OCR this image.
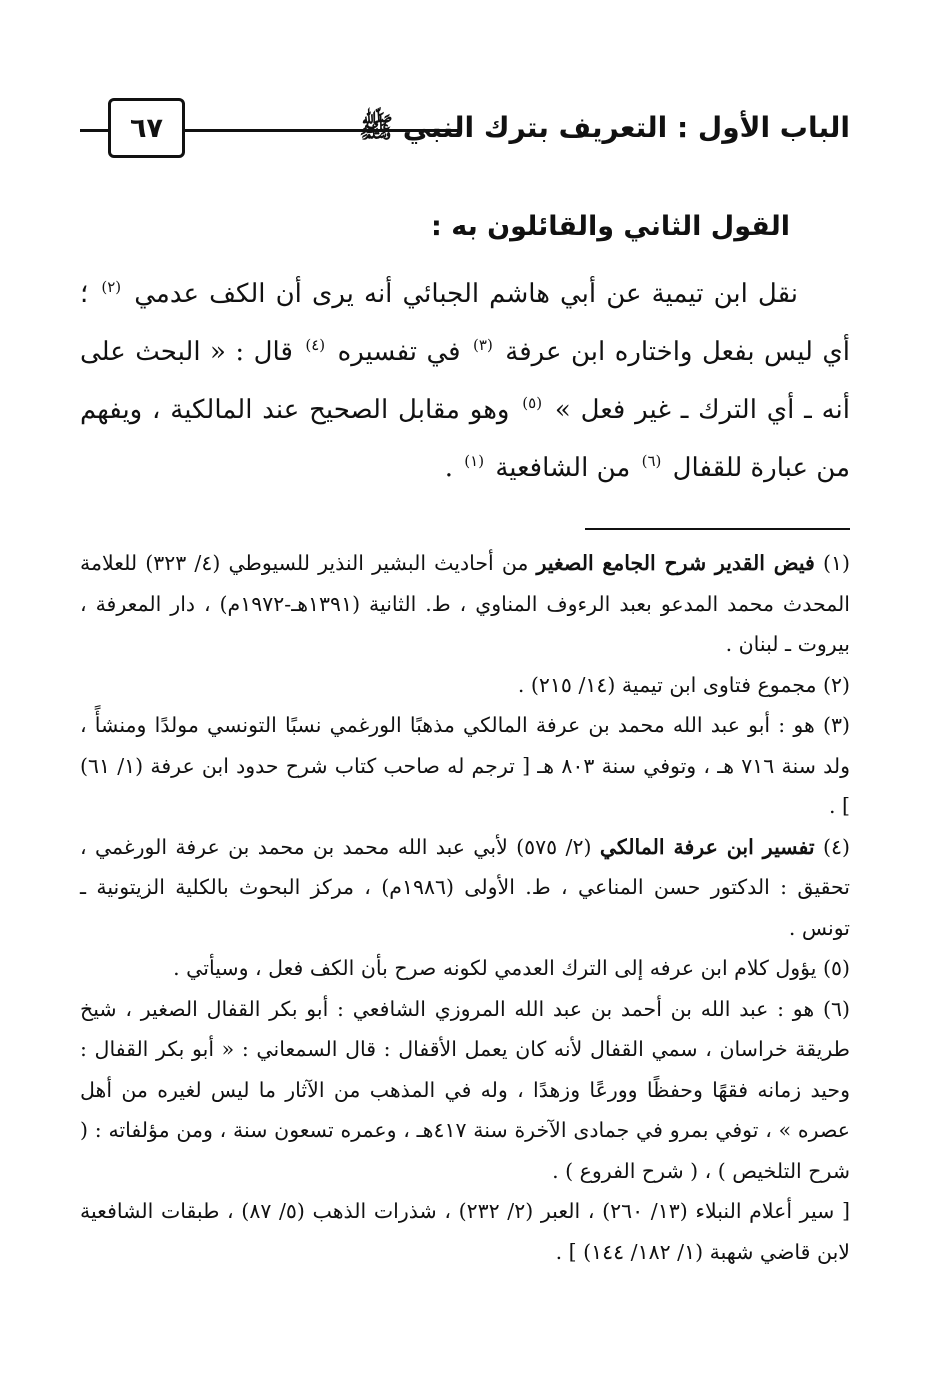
الباب الأول : التعريف بترك النبي ﷺ
٦٧
القول الثاني والقائلون به :

نقل ابن تيمية عن أبي هاشم الجبائي أنه يرى أن الكف عدمي $^{(٢)}$ ؛ أي ليس بفعل واختاره ابن عرفة $^{(٣)}$ في تفسيره $^{(٤)}$ قال : « البحث على أنه ـ أي الترك ـ غير فعل » $^{(٥)}$ وهو مقابل الصحيح عند المالكية ، ويفهم من عبارة للقفال $^{(٦)}$ من الشافعية $^{(١)}$ .

(١) فيض القدير شرح الجامع الصغير من أحاديث البشير النذير للسيوطي (٤/ ٣٢٣) للعلامة المحدث محمد المدعو بعبد الرءوف المناوي ، ط. الثانية (١٣٩١هـ-١٩٧٢م) ، دار المعرفة ، بيروت ـ لبنان .

(٢) مجموع فتاوى ابن تيمية (١٤/ ٢١٥) .

(٣) هو : أبو عبد الله محمد بن عرفة المالكي مذهبًا الورغمي نسبًا التونسي مولدًا ومنشأً ، ولد سنة ٧١٦ هـ ، وتوفي سنة ٨٠٣ هـ [ ترجم له صاحب كتاب شرح حدود ابن عرفة (١/ ٦١) ] .

(٤) تفسير ابن عرفة المالكي (٢/ ٥٧٥) لأبي عبد الله محمد بن محمد بن عرفة الورغمي ، تحقيق : الدكتور حسن المناعي ، ط. الأولى (١٩٨٦م) ، مركز البحوث بالكلية الزيتونية ـ تونس .

(٥) يؤول كلام ابن عرفه إلى الترك العدمي لكونه صرح بأن الكف فعل ، وسيأتي .

(٦) هو : عبد الله بن أحمد بن عبد الله المروزي الشافعي : أبو بكر القفال الصغير ، شيخ طريقة خراسان ، سمي القفال لأنه كان يعمل الأقفال : قال السمعاني : « أبو بكر القفال : وحيد زمانه فقهًا وحفظًا وورعًا وزهدًا ، وله في المذهب من الآثار ما ليس لغيره من أهل عصره » ، توفي بمرو في جمادى الآخرة سنة ٤١٧هـ ، وعمره تسعون سنة ، ومن مؤلفاته : ( شرح التلخيص ) ، ( شرح الفروع ) .

[ سير أعلام النبلاء (١٣/ ٢٦٠) ، العبر (٢/ ٢٣٢) ، شذرات الذهب (٥/ ٨٧) ، طبقات الشافعية لابن قاضي شهبة (١/ ١٨٢/ ١٤٤) ] .
